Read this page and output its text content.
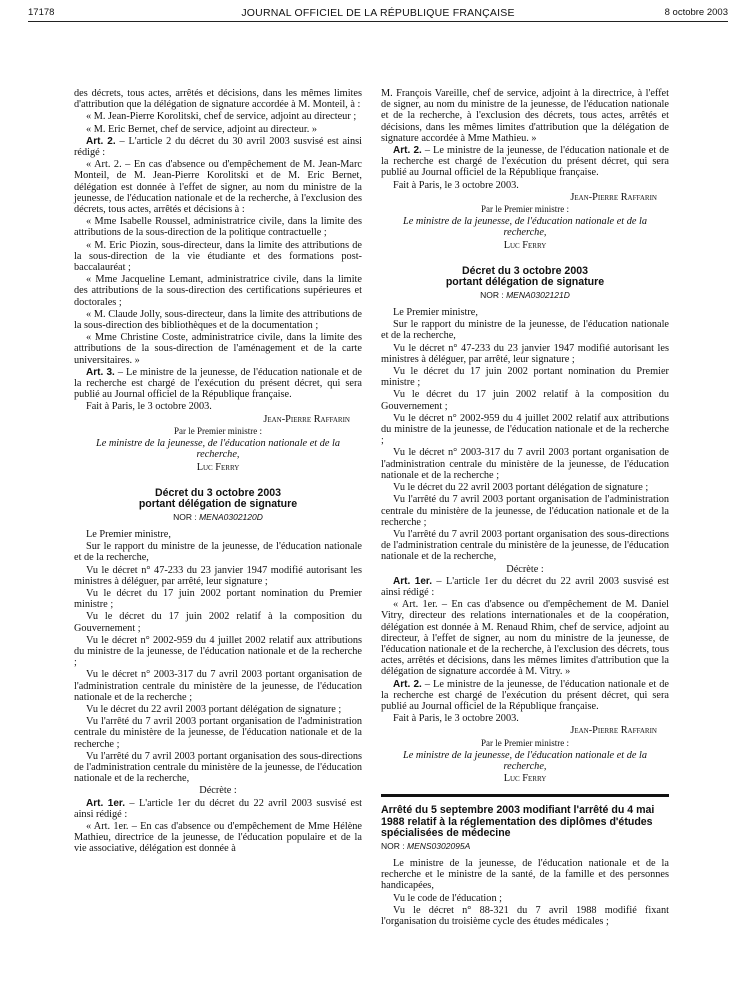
17178	JOURNAL OFFICIEL DE LA RÉPUBLIQUE FRANÇAISE	8 octobre 2003

des décrets, tous actes, arrêtés et décisions, dans les mêmes limites d'attribution que la délégation de signature accordée à M. Monteil, à :

« M. Jean-Pierre Korolitski, chef de service, adjoint au directeur ;

« M. Eric Bernet, chef de service, adjoint au directeur. »

Art. 2. – L'article 2 du décret du 30 avril 2003 susvisé est ainsi rédigé :

« Art. 2. – En cas d'absence ou d'empêchement de M. Jean-Marc Monteil, de M. Jean-Pierre Korolitski et de M. Eric Bernet, délégation est donnée à l'effet de signer, au nom du ministre de la jeunesse, de l'éducation nationale et de la recherche, à l'exclusion des décrets, tous actes, arrêtés et décisions à :

« Mme Isabelle Roussel, administratrice civile, dans la limite des attributions de la sous-direction de la politique contractuelle ;

« M. Eric Piozin, sous-directeur, dans la limite des attributions de la sous-direction de la vie étudiante et des formations post-baccalauréat ;

« Mme Jacqueline Lemant, administratrice civile, dans la limite des attributions de la sous-direction des certifications supérieures et doctorales ;

« M. Claude Jolly, sous-directeur, dans la limite des attributions de la sous-direction des bibliothèques et de la documentation ;

« Mme Christine Coste, administratrice civile, dans la limite des attributions de la sous-direction de l'aménagement et de la carte universitaires. »

Art. 3. – Le ministre de la jeunesse, de l'éducation nationale et de la recherche est chargé de l'exécution du présent décret, qui sera publié au Journal officiel de la République française.

Fait à Paris, le 3 octobre 2003.

Jean-Pierre Raffarin

Par le Premier ministre :

Le ministre de la jeunesse, de l'éducation nationale et de la recherche,

Luc Ferry

Décret du 3 octobre 2003
portant délégation de signature
NOR : MENA0302120D

Le Premier ministre,

Sur le rapport du ministre de la jeunesse, de l'éducation nationale et de la recherche,

Vu le décret n° 47-233 du 23 janvier 1947 modifié autorisant les ministres à déléguer, par arrêté, leur signature ;

Vu le décret du 17 juin 2002 portant nomination du Premier ministre ;

Vu le décret du 17 juin 2002 relatif à la composition du Gouvernement ;

Vu le décret n° 2002-959 du 4 juillet 2002 relatif aux attributions du ministre de la jeunesse, de l'éducation nationale et de la recherche ;

Vu le décret n° 2003-317 du 7 avril 2003 portant organisation de l'administration centrale du ministère de la jeunesse, de l'éducation nationale et de la recherche ;

Vu le décret du 22 avril 2003 portant délégation de signature ;

Vu l'arrêté du 7 avril 2003 portant organisation de l'administration centrale du ministère de la jeunesse, de l'éducation nationale et de la recherche ;

Vu l'arrêté du 7 avril 2003 portant organisation des sous-directions de l'administration centrale du ministère de la jeunesse, de l'éducation nationale et de la recherche,

Décrète :

Art. 1er. – L'article 1er du décret du 22 avril 2003 susvisé est ainsi rédigé :

« Art. 1er. – En cas d'absence ou d'empêchement de Mme Hélène Mathieu, directrice de la jeunesse, de l'éducation populaire et de la vie associative, délégation est donnée à

M. François Vareille, chef de service, adjoint à la directrice, à l'effet de signer, au nom du ministre de la jeunesse, de l'éducation nationale et de la recherche, à l'exclusion des décrets, tous actes, arrêtés et décisions, dans les mêmes limites d'attribution que la délégation de signature accordée à Mme Mathieu. »

Art. 2. – Le ministre de la jeunesse, de l'éducation nationale et de la recherche est chargé de l'exécution du présent décret, qui sera publié au Journal officiel de la République française.

Fait à Paris, le 3 octobre 2003.

Jean-Pierre Raffarin

Par le Premier ministre :

Le ministre de la jeunesse, de l'éducation nationale et de la recherche,

Luc Ferry

Décret du 3 octobre 2003
portant délégation de signature
NOR : MENA0302121D

Le Premier ministre,

Sur le rapport du ministre de la jeunesse, de l'éducation nationale et de la recherche,

Vu le décret n° 47-233 du 23 janvier 1947 modifié autorisant les ministres à déléguer, par arrêté, leur signature ;

Vu le décret du 17 juin 2002 portant nomination du Premier ministre ;

Vu le décret du 17 juin 2002 relatif à la composition du Gouvernement ;

Vu le décret n° 2002-959 du 4 juillet 2002 relatif aux attributions du ministre de la jeunesse, de l'éducation nationale et de la recherche ;

Vu le décret n° 2003-317 du 7 avril 2003 portant organisation de l'administration centrale du ministère de la jeunesse, de l'éducation nationale et de la recherche ;

Vu le décret du 22 avril 2003 portant délégation de signature ;

Vu l'arrêté du 7 avril 2003 portant organisation de l'administration centrale du ministère de la jeunesse, de l'éducation nationale et de la recherche ;

Vu l'arrêté du 7 avril 2003 portant organisation des sous-directions de l'administration centrale du ministère de la jeunesse, de l'éducation nationale et de la recherche,

Décrète :

Art. 1er. – L'article 1er du décret du 22 avril 2003 susvisé est ainsi rédigé :

« Art. 1er. – En cas d'absence ou d'empêchement de M. Daniel Vitry, directeur des relations internationales et de la coopération, délégation est donnée à M. Renaud Rhim, chef de service, adjoint au directeur, à l'effet de signer, au nom du ministre de la jeunesse, de l'éducation nationale et de la recherche, à l'exclusion des décrets, tous actes, arrêtés et décisions, dans les mêmes limites d'attribution que la délégation de signature accordée à M. Vitry. »

Art. 2. – Le ministre de la jeunesse, de l'éducation nationale et de la recherche est chargé de l'exécution du présent décret, qui sera publié au Journal officiel de la République française.

Fait à Paris, le 3 octobre 2003.

Jean-Pierre Raffarin

Par le Premier ministre :

Le ministre de la jeunesse, de l'éducation nationale et de la recherche,

Luc Ferry

Arrêté du 5 septembre 2003 modifiant l'arrêté du 4 mai 1988 relatif à la réglementation des diplômes d'études spécialisées de médecine
NOR : MENS0302095A

Le ministre de la jeunesse, de l'éducation nationale et de la recherche et le ministre de la santé, de la famille et des personnes handicapées,

Vu le code de l'éducation ;

Vu le décret n° 88-321 du 7 avril 1988 modifié fixant l'organisation du troisième cycle des études médicales ;
